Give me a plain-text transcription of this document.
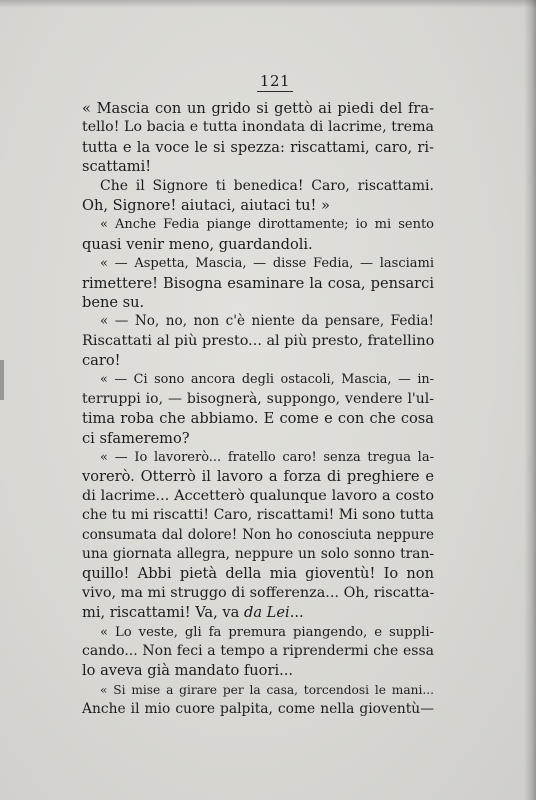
121
« Mascia con un grido si gettò ai piedi del fra-
tello! Lo bacia e tutta inondata di lacrime, trema
tutta e la voce le si spezza: riscattami, caro, ri-
scattami!
Che il Signore ti benedica! Caro, riscattami.
Oh, Signore! aiutaci, aiutaci tu! »
« Anche Fedia piange dirottamente; io mi sento
quasi venir meno, guardandoli.
« — Aspetta, Mascia, — disse Fedia, — lasciami
rimettere! Bisogna esaminare la cosa, pensarci
bene su.
« — No, no, non c'è niente da pensare, Fedia!
Riscattati al più presto... al più presto, fratellino
caro!
« — Ci sono ancora degli ostacoli, Mascia, — in-
terruppi io, — bisognerà, suppongo, vendere l'ul-
tima roba che abbiamo. E come e con che cosa
ci sfameremo?
« — Io lavorerò... fratello caro! senza tregua la-
vorerò. Otterrò il lavoro a forza di preghiere e
di lacrime... Accetterò qualunque lavoro a costo
che tu mi riscatti! Caro, riscattami! Mi sono tutta
consumata dal dolore! Non ho conosciuta neppure
una giornata allegra, neppure un solo sonno tran-
quillo! Abbi pietà della mia gioventù! Io non
vivo, ma mi struggo di sofferenza... Oh, riscatta-
mi, riscattami! Va, va da Lei...
« Lo veste, gli fa premura piangendo, e suppli-
cando... Non feci a tempo a riprendermi che essa
lo aveva già mandato fuori...
« Si mise a girare per la casa, torcendosi le mani...
Anche il mio cuore palpita, come nella gioventù—
